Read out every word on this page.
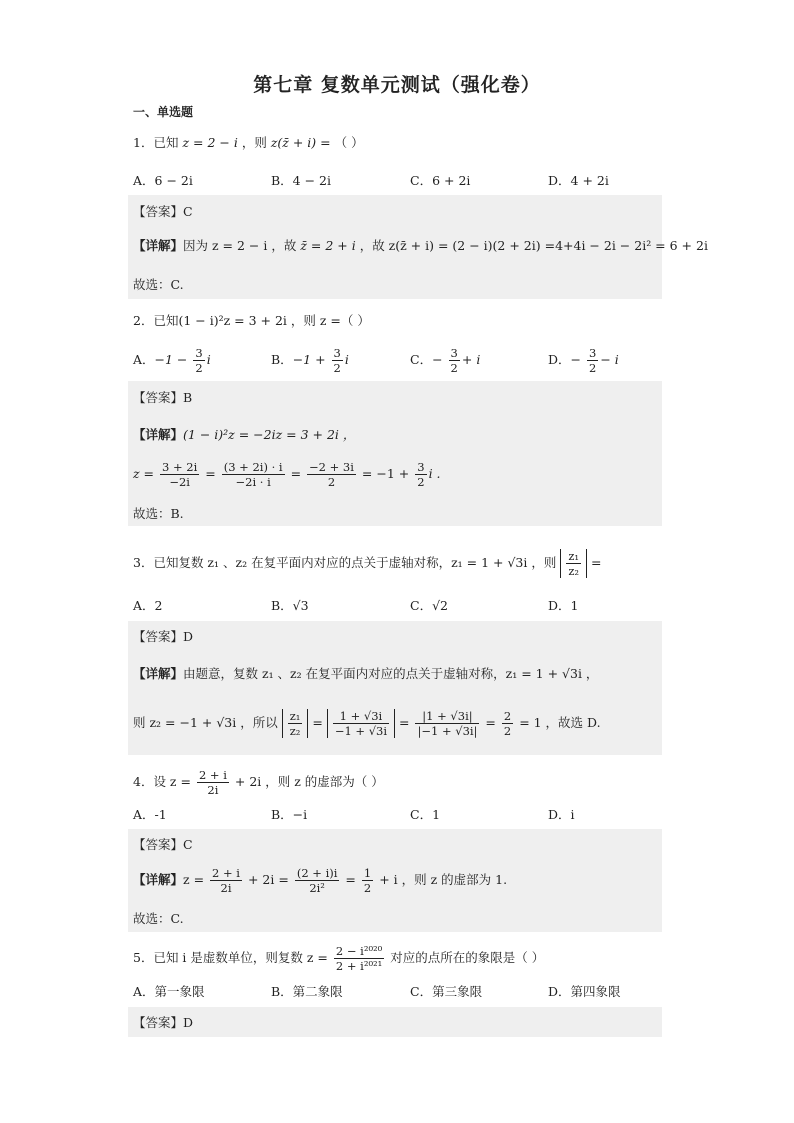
第七章 复数单元测试（强化卷）
一、单选题
1．已知 z = 2 − i ，则 z(z̄ + i) = （ ）
A．6 − 2i	B．4 − 2i	C．6 + 2i	D．4 + 2i
【答案】C
【详解】因为 z = 2 − i ，故 z̄ = 2 + i ，故 z(z̄ + i) = (2 − i)(2 + 2i) =4+4i − 2i − 2i² = 6 + 2i
故选：C.
2．已知(1 − i)²z = 3 + 2i ，则 z =（ ）
A．$-1 - \frac{3}{2}$ i	B．$-1 + \frac{3}{2}$ i	C．− $\frac{3}{2} + i$	D．− $\frac{3}{2} - i$
【答案】B
【详解】(1 − i)²z = −2iz = 3 + 2i ，
$z = \frac{3 + 2i}{-2i} = \frac{(3 + 2i) \cdot i}{-2i \cdot i} = \frac{-2 + 3i}{2} = -1 + \frac{3}{2}$ i .
故选：B.
3．已知复数 z₁ 、z₂ 在复平面内对应的点关于虚轴对称，z₁ = 1 + √3i ，则 $\frac{\text{z₁}}{\text{z₂}}$ =
A．2	B．√3	C．√2	D．1
【答案】D
【详解】由题意，复数 z₁ 、z₂ 在复平面内对应的点关于虚轴对称，z₁ = 1 + √3i ，
则 z₂ = −1 + √3i ，所以 $\frac{\text{z₁}}{\text{z₂}} = \frac{1 + √3i}{-1 + √3i} = \frac{|1 + √3i|}{|-1 + √3i|} = \frac{2}{2} = 1$ ，故选 D.
4．设 $z = \frac{2 + i}{2i} + 2i$ ，则 z 的虚部为（ ）
A．-1	B．−i	C．1	D．i
【答案】C
【详解】$z = \frac{2 + i}{2i} + 2i = \frac{(2 + i)i}{\text{2i²}} = \frac{1}{2} + i$ ，则 z 的虚部为 1.
故选：C.
5．已知 i 是虚数单位，则复数 $z = \frac{\text{2 − i²⁰²⁰}}{\text{2 + i²⁰²¹}}$ 对应的点所在的象限是（ ）
A．第一象限	B．第二象限	C．第三象限	D．第四象限
【答案】D
